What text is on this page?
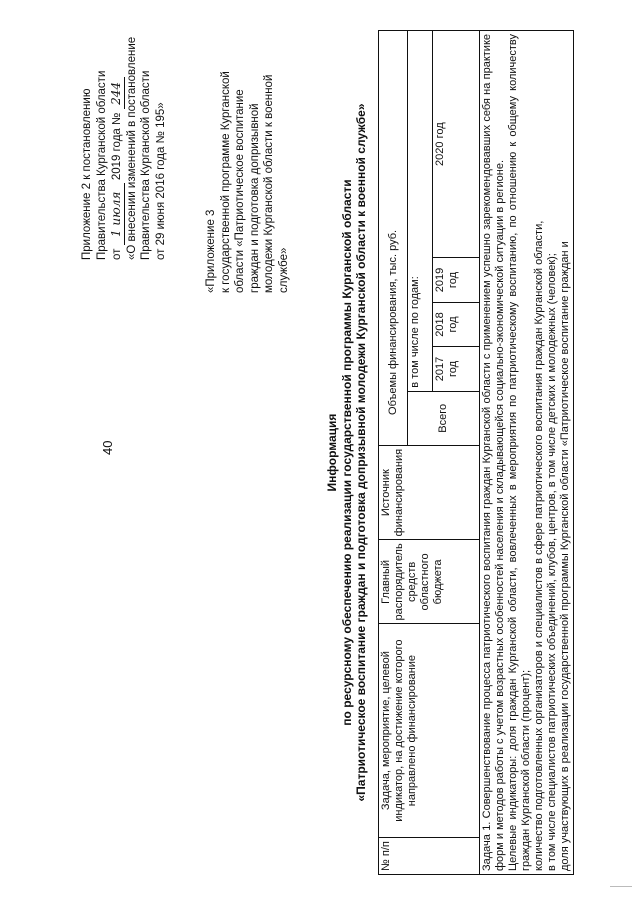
40
Приложение 2 к постановлению Правительства Курганской области от 1 июля 2019 года № 244 «О внесении изменений в постановление Правительства Курганской области от 29 июня 2016 года № 195»	«Приложение 3 к государственной программе Курганской области «Патриотическое воспитание граждан и подготовка допризывной молодежи Курганской области к военной службе»
Информация по ресурсному обеспечению реализации государственной программы Курганской области «Патриотическое воспитание граждан и подготовка допризывной молодежи Курганской области к военной службе»
№ п/п	Задача, мероприятие, целевой индикатор, на достижение которого направлено финансирование	Главный распорядитель средств областного бюджета	Источник финансирования	Объемы финансирования, тыс. руб.				
				Всего	в том числе по годам:			
					2017 год	2018 год	2019 год	2020 год

Задача 1. Совершенствование процесса патриотического воспитания граждан Курганской области с применением успешно зарекомендовавших себя на практике форм и методов работы с учетом возрастных особенностей населения и складывающейся социально-экономической ситуации в регионе. Целевые индикаторы: доля граждан Курганской области, вовлеченных в мероприятия по патриотическому воспитанию, по отношению к общему количеству граждан Курганской области (процент); количество подготовленных организаторов и специалистов в сфере патриотического воспитания граждан Курганской области, в том числе специалистов патриотических объединений, клубов, центров, в том числе детских и молодежных (человек); доля участвующих в реализации государственной программы Курганской области «Патриотическое воспитание граждан и								
